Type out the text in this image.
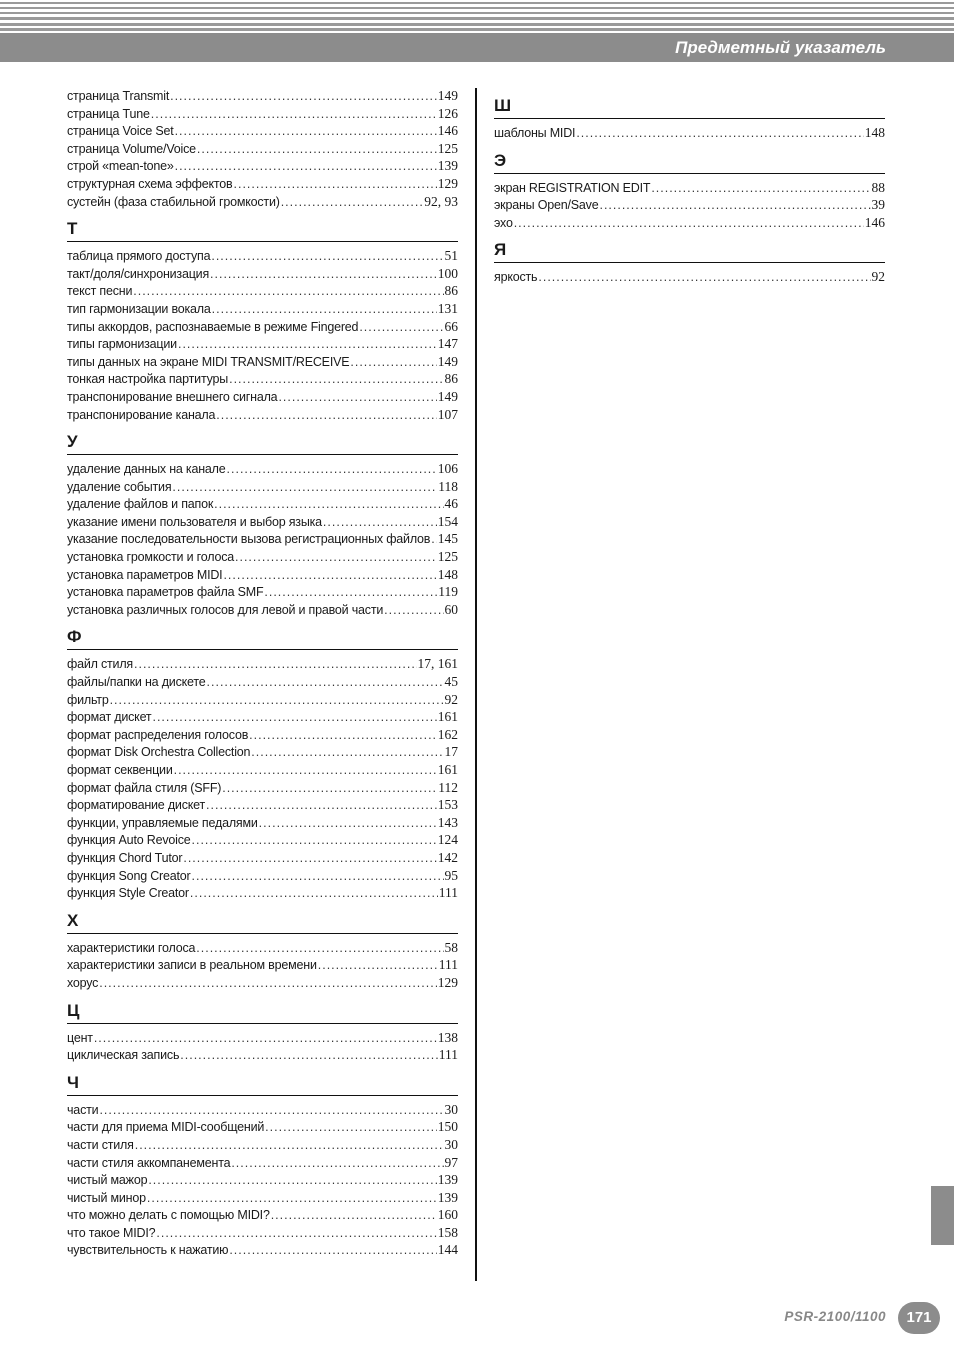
Предметный указатель
страница Transmit .....	149
страница Tune .....	126
страница Voice Set .....	146
страница Volume/Voice .....	125
строй «mean-tone» .....	139
структурная схема эффектов .....	129
сустейн (фаза стабильной громкости) .....	92, 93
Т
таблица прямого доступа .....	51
такт/доля/синхронизация .....	100
текст песни .....	86
тип гармонизации вокала .....	131
типы аккордов, распознаваемые в режиме Fingered .....	66
типы гармонизации .....	147
типы данных на экране MIDI TRANSMIT/RECEIVE .....	149
тонкая настройка партитуры .....	86
транспонирование внешнего сигнала .....	149
транспонирование канала .....	107
У
удаление данных на канале .....	106
удаление события .....	118
удаление файлов и папок .....	46
указание имени пользователя и выбор языка .....	154
указание последовательности вызова регистрационных файлов ..... 145
установка громкости и голоса .....	125
установка параметров MIDI .....	148
установка параметров файла SMF .....	119
установка различных голосов для левой и правой части .....	60
Ф
файл стиля .....	17, 161
файлы/папки на дискете .....	45
фильтр .....	92
формат дискет .....	161
формат распределения голосов .....	162
формат Disk Orchestra Collection .....	17
формат секвенции .....	161
формат файла стиля (SFF) .....	112
форматирование дискет .....	153
функции, управляемые педалями .....	143
функция Auto Revoice .....	124
функция Chord Tutor .....	142
функция Song Creator .....	95
функция Style Creator .....	111
Х
характеристики голоса .....	58
характеристики записи в реальном времени .....	111
хорус .....	129
Ц
цент .....	138
циклическая запись .....	111
Ч
части .....	30
части для приема MIDI-сообщений .....	150
части стиля .....	30
части стиля аккомпанемента .....	97
чистый мажор .....	139
чистый минор .....	139
что можно делать с помощью MIDI? .....	160
что такое MIDI? .....	158
чувствительность к нажатию .....	144
Ш
шаблоны MIDI .....	148
Э
экран REGISTRATION EDIT .....	88
экраны Open/Save .....	39
эхо .....	146
Я
яркость .....	92
PSR-2100/1100	171
